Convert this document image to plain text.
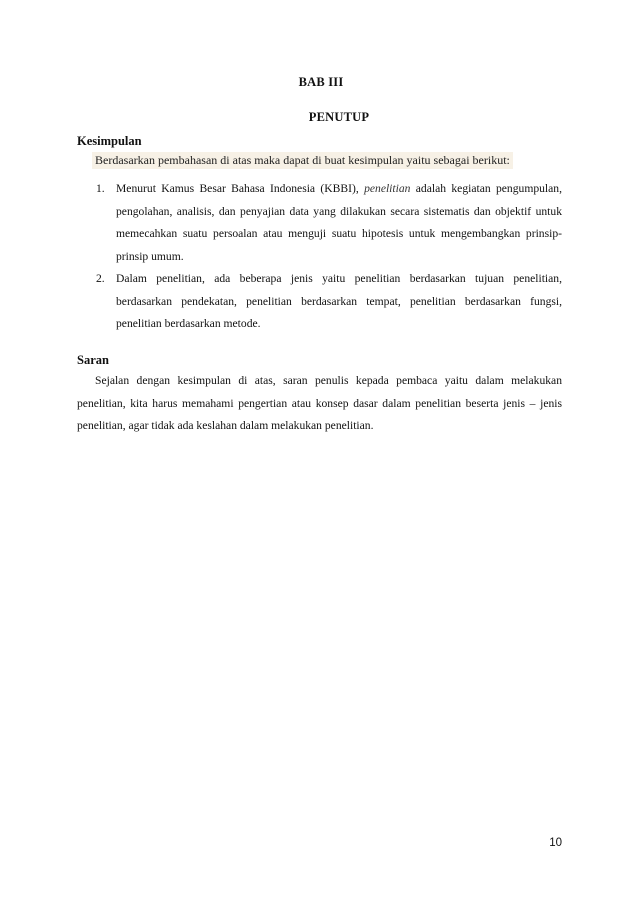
BAB III
PENUTUP
Kesimpulan
Berdasarkan pembahasan di atas maka dapat di buat kesimpulan yaitu sebagai berikut:
1. Menurut Kamus Besar Bahasa Indonesia (KBBI), penelitian adalah kegiatan pengumpulan, pengolahan, analisis, dan penyajian data yang dilakukan secara sistematis dan objektif untuk memecahkan suatu persoalan atau menguji suatu hipotesis untuk mengembangkan prinsip-prinsip umum.
2. Dalam penelitian, ada beberapa jenis yaitu penelitian berdasarkan tujuan penelitian, berdasarkan pendekatan, penelitian berdasarkan tempat, penelitian berdasarkan fungsi, penelitian berdasarkan metode.
Saran
Sejalan dengan kesimpulan di atas, saran penulis kepada pembaca yaitu dalam melakukan penelitian, kita harus memahami pengertian atau konsep dasar dalam penelitian beserta jenis – jenis penelitian, agar tidak ada keslahan dalam melakukan penelitian.
10
